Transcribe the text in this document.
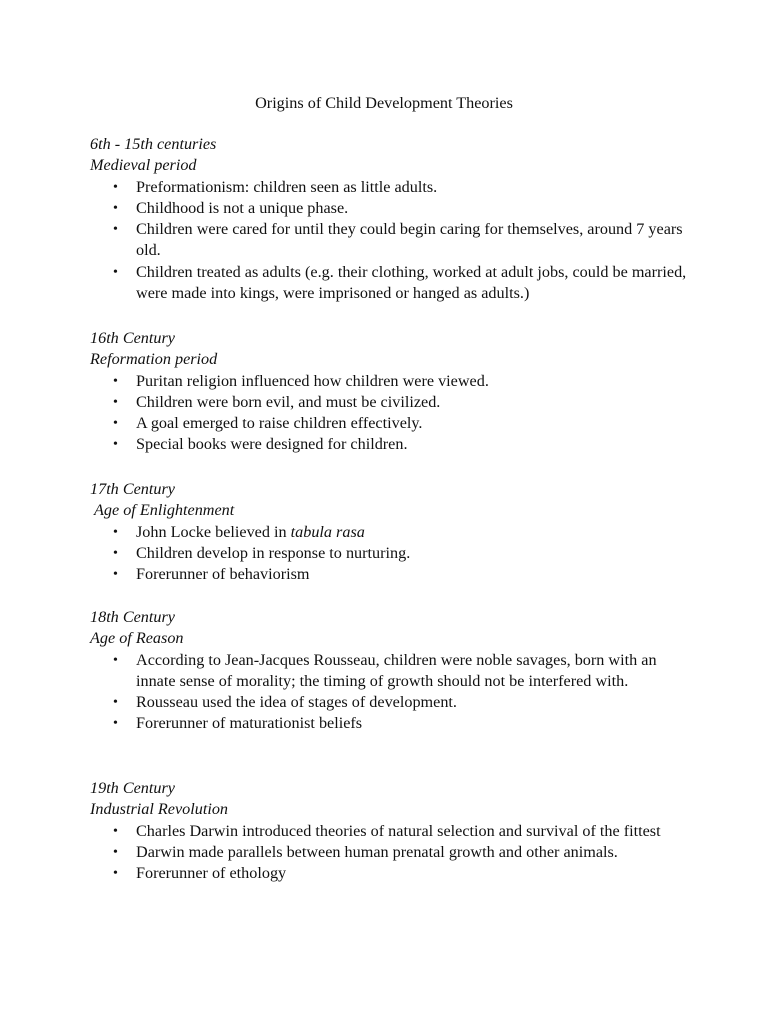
Origins of Child Development Theories

6th - 15th centuries

Medieval period

• Preformationism: children seen as little adults.
• Childhood is not a unique phase.
• Children were cared for until they could begin caring for themselves, around 7 years old.
• Children treated as adults (e.g. their clothing, worked at adult jobs, could be married, were made into kings, were imprisoned or hanged as adults.)

16th Century

Reformation period

• Puritan religion influenced how children were viewed.
• Children were born evil, and must be civilized.
• A goal emerged to raise children effectively.
• Special books were designed for children.

17th Century

Age of Enlightenment

• John Locke believed in tabula rasa
• Children develop in response to nurturing.
• Forerunner of behaviorism

18th Century

Age of Reason

• According to Jean-Jacques Rousseau, children were noble savages, born with an innate sense of morality; the timing of growth should not be interfered with.
• Rousseau used the idea of stages of development.
• Forerunner of maturationist beliefs

19th Century

Industrial Revolution

• Charles Darwin introduced theories of natural selection and survival of the fittest
• Darwin made parallels between human prenatal growth and other animals.
• Forerunner of ethology
